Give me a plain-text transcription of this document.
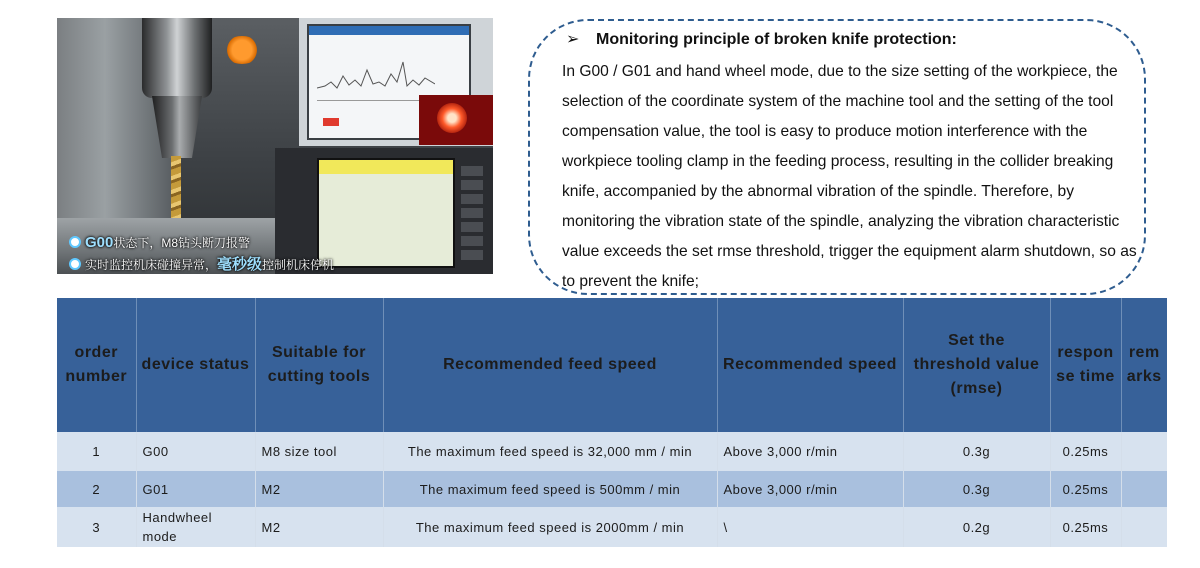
G00状态下，M8钻头断刀报警
实时监控机床碰撞异常，毫秒级控制机床停机
➢ Monitoring principle of broken knife protection:
In G00 / G01 and hand wheel mode, due to the size setting of the workpiece, the selection of the coordinate system of the machine tool and the setting of the tool compensation value, the tool is easy to produce motion interference with the workpiece tooling clamp in the feeding process, resulting in the collider breaking knife, accompanied by the abnormal vibration of the spindle. Therefore, by monitoring the vibration state of the spindle, analyzing the vibration characteristic value exceeds the set rmse threshold, trigger the equipment alarm shutdown, so as to prevent the knife;
order number	device status	Suitable for cutting tools	Recommended feed speed	Recommended speed	Set the threshold value (rmse)	respon se time	rem arks
1	G00	M8 size tool	The maximum feed speed is 32,000 mm / min	Above 3,000 r/min	0.3g	0.25ms	
2	G01	M2	The maximum feed speed is 500mm / min	Above 3,000 r/min	0.3g	0.25ms	
3	Handwheel mode	M2	The maximum feed speed is 2000mm / min	\	0.2g	0.25ms	
